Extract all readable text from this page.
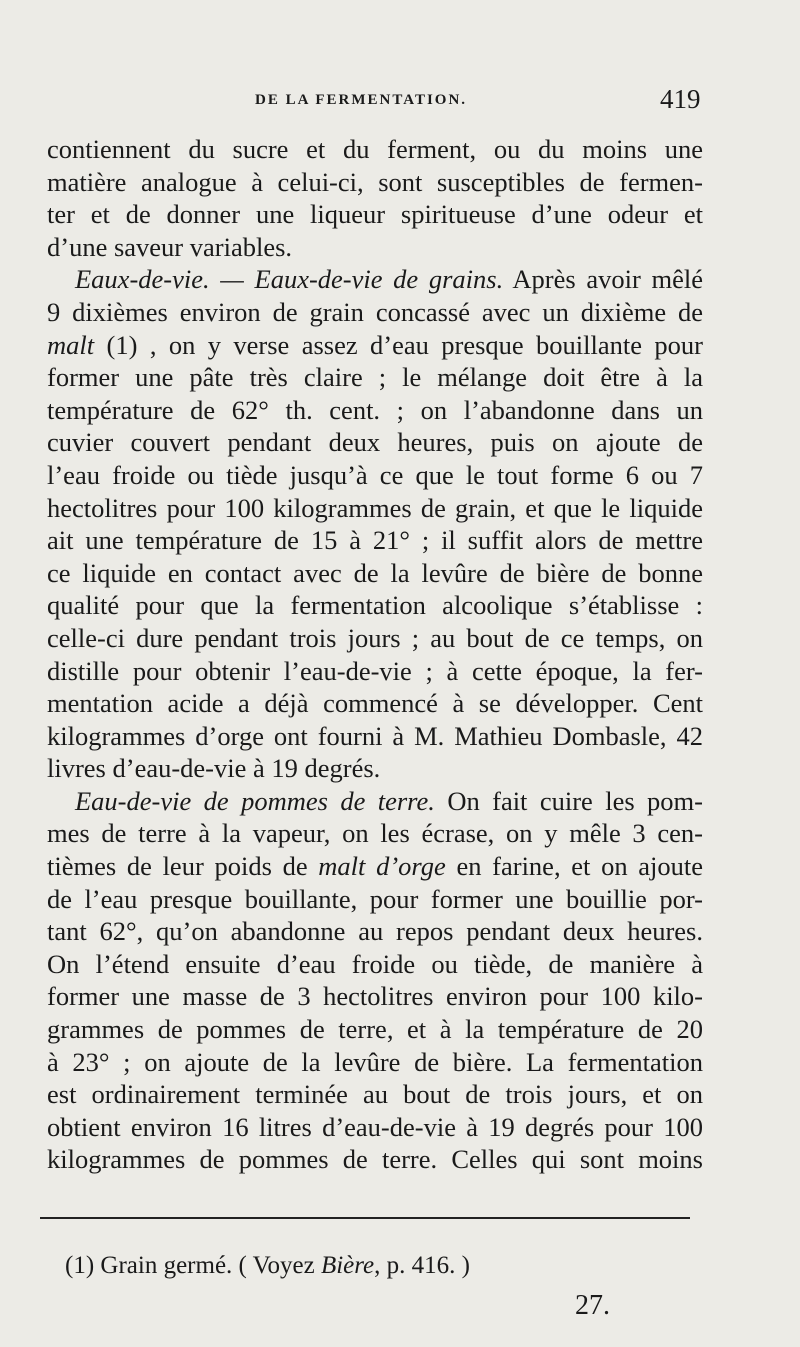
DE LA FERMENTATION.	419
contiennent du sucre et du ferment, ou du moins une
matière analogue à celui-ci, sont susceptibles de fermen-
ter et de donner une liqueur spiritueuse d’une odeur et
d’une saveur variables.
Eaux-de-vie. — Eaux-de-vie de grains. Après avoir mêlé
9 dixièmes environ de grain concassé avec un dixième de
malt (1) , on y verse assez d’eau presque bouillante pour
former une pâte très claire ; le mélange doit être à la
température de 62° th. cent. ; on l’abandonne dans un
cuvier couvert pendant deux heures, puis on ajoute de
l’eau froide ou tiède jusqu’à ce que le tout forme 6 ou 7
hectolitres pour 100 kilogrammes de grain, et que le liquide
ait une température de 15 à 21° ; il suffit alors de mettre
ce liquide en contact avec de la levûre de bière de bonne
qualité pour que la fermentation alcoolique s’établisse :
celle-ci dure pendant trois jours ; au bout de ce temps, on
distille pour obtenir l’eau-de-vie ; à cette époque, la fer-
mentation acide a déjà commencé à se développer. Cent
kilogrammes d’orge ont fourni à M. Mathieu Dombasle, 42
livres d’eau-de-vie à 19 degrés.
Eau-de-vie de pommes de terre. On fait cuire les pom-
mes de terre à la vapeur, on les écrase, on y mêle 3 cen-
tièmes de leur poids de malt d’orge en farine, et on ajoute
de l’eau presque bouillante, pour former une bouillie por-
tant 62°, qu’on abandonne au repos pendant deux heures.
On l’étend ensuite d’eau froide ou tiède, de manière à
former une masse de 3 hectolitres environ pour 100 kilo-
grammes de pommes de terre, et à la température de 20
à 23° ; on ajoute de la levûre de bière. La fermentation
est ordinairement terminée au bout de trois jours, et on
obtient environ 16 litres d’eau-de-vie à 19 degrés pour 100
kilogrammes de pommes de terre. Celles qui sont moins
(1) Grain germé. ( Voyez Bière, p. 416. )
27.
